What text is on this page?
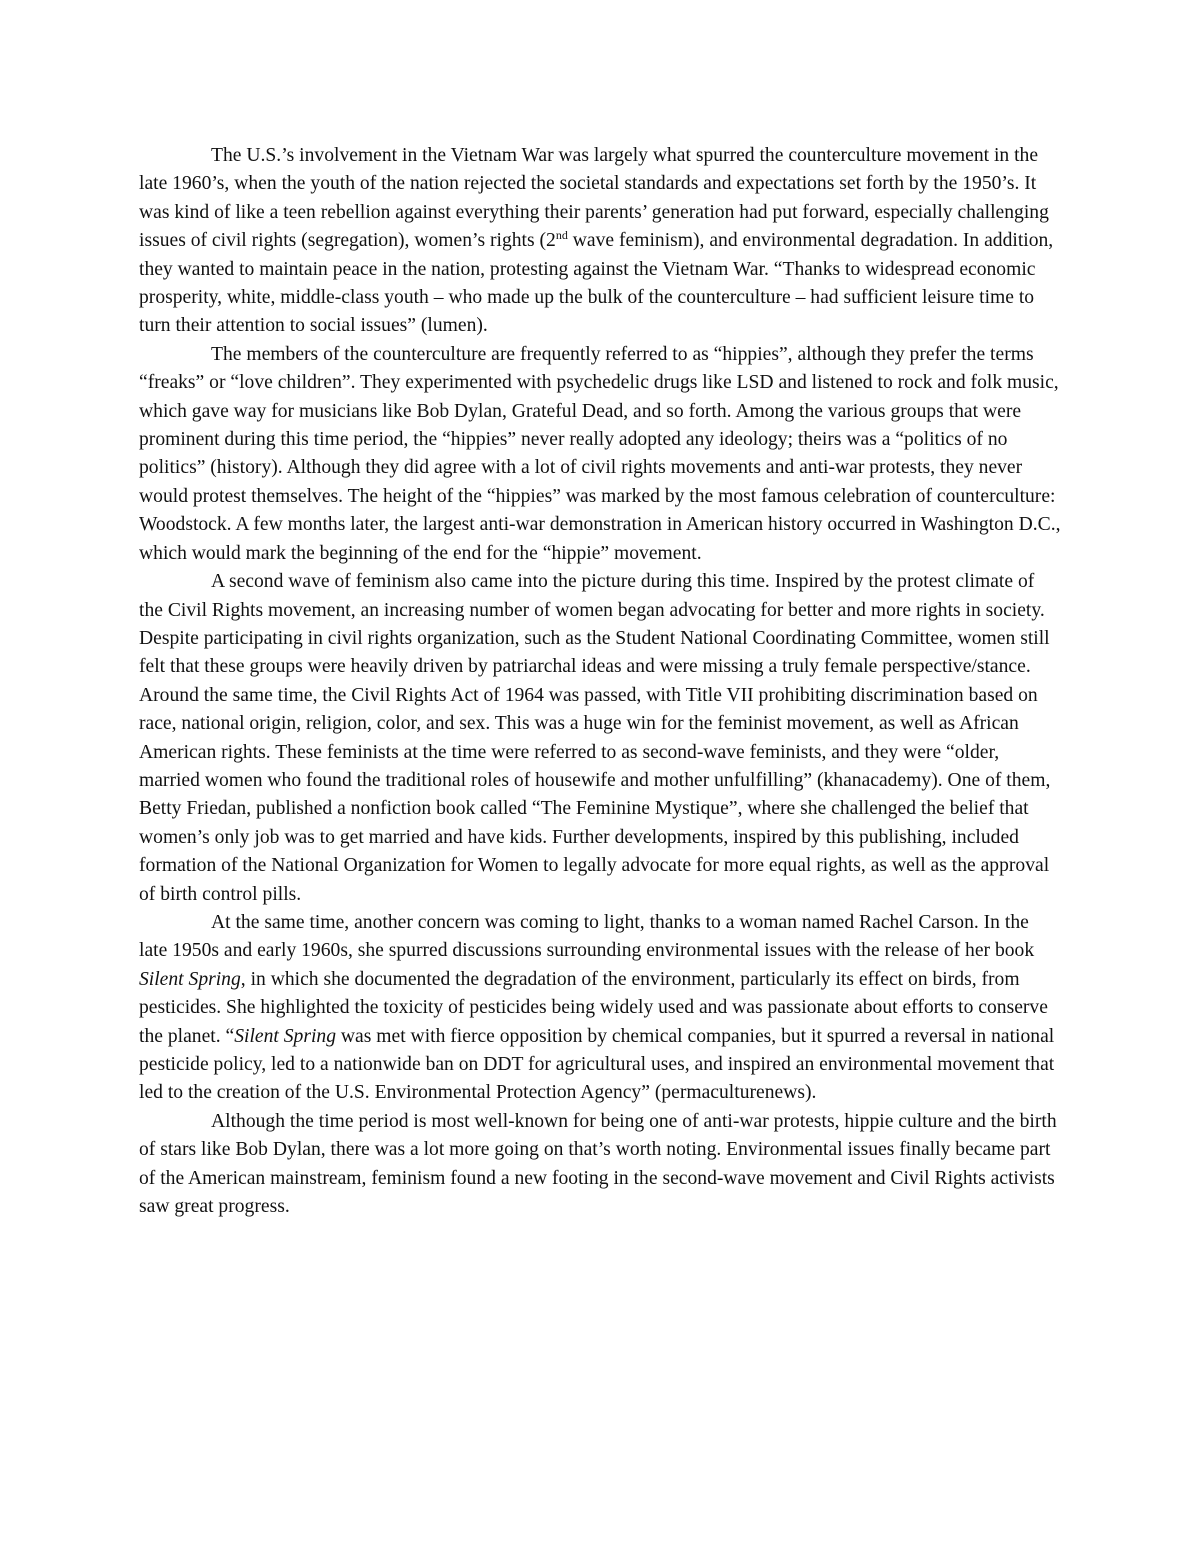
The U.S.’s involvement in the Vietnam War was largely what spurred the counterculture movement in the late 1960’s, when the youth of the nation rejected the societal standards and expectations set forth by the 1950’s. It was kind of like a teen rebellion against everything their parents’ generation had put forward, especially challenging issues of civil rights (segregation), women’s rights (2nd wave feminism), and environmental degradation. In addition, they wanted to maintain peace in the nation, protesting against the Vietnam War. “Thanks to widespread economic prosperity, white, middle-class youth – who made up the bulk of the counterculture – had sufficient leisure time to turn their attention to social issues” (lumen).

The members of the counterculture are frequently referred to as “hippies”, although they prefer the terms “freaks” or “love children”. They experimented with psychedelic drugs like LSD and listened to rock and folk music, which gave way for musicians like Bob Dylan, Grateful Dead, and so forth. Among the various groups that were prominent during this time period, the “hippies” never really adopted any ideology; theirs was a “politics of no politics” (history). Although they did agree with a lot of civil rights movements and anti-war protests, they never would protest themselves. The height of the “hippies” was marked by the most famous celebration of counterculture: Woodstock. A few months later, the largest anti-war demonstration in American history occurred in Washington D.C., which would mark the beginning of the end for the “hippie” movement.

A second wave of feminism also came into the picture during this time. Inspired by the protest climate of the Civil Rights movement, an increasing number of women began advocating for better and more rights in society. Despite participating in civil rights organization, such as the Student National Coordinating Committee, women still felt that these groups were heavily driven by patriarchal ideas and were missing a truly female perspective/stance. Around the same time, the Civil Rights Act of 1964 was passed, with Title VII prohibiting discrimination based on race, national origin, religion, color, and sex. This was a huge win for the feminist movement, as well as African American rights. These feminists at the time were referred to as second-wave feminists, and they were “older, married women who found the traditional roles of housewife and mother unfulfilling” (khanacademy). One of them, Betty Friedan, published a nonfiction book called “The Feminine Mystique”, where she challenged the belief that women’s only job was to get married and have kids. Further developments, inspired by this publishing, included formation of the National Organization for Women to legally advocate for more equal rights, as well as the approval of birth control pills.

At the same time, another concern was coming to light, thanks to a woman named Rachel Carson. In the late 1950s and early 1960s, she spurred discussions surrounding environmental issues with the release of her book Silent Spring, in which she documented the degradation of the environment, particularly its effect on birds, from pesticides. She highlighted the toxicity of pesticides being widely used and was passionate about efforts to conserve the planet. “Silent Spring was met with fierce opposition by chemical companies, but it spurred a reversal in national pesticide policy, led to a nationwide ban on DDT for agricultural uses, and inspired an environmental movement that led to the creation of the U.S. Environmental Protection Agency” (permaculturenews).

Although the time period is most well-known for being one of anti-war protests, hippie culture and the birth of stars like Bob Dylan, there was a lot more going on that’s worth noting. Environmental issues finally became part of the American mainstream, feminism found a new footing in the second-wave movement and Civil Rights activists saw great progress.
